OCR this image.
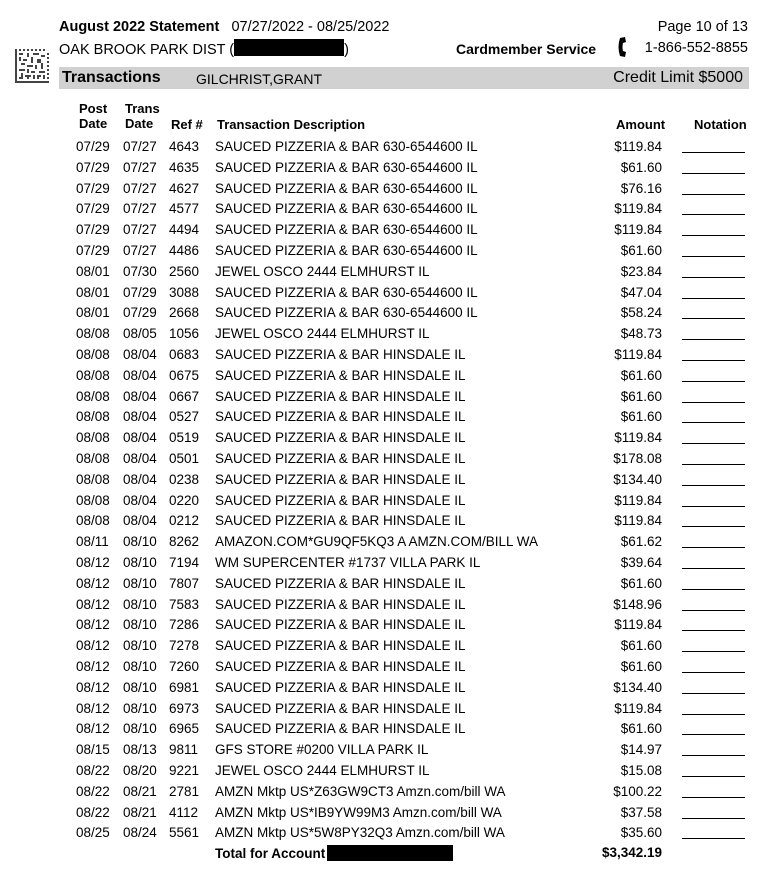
August 2022 Statement 07/27/2022 - 08/25/2022	Page 10 of 13
OAK BROOK PARK DIST (	)	Cardmember Service	1-866-552-8855
Transactions	GILCHRIST,GRANT	Credit Limit $5000
Post
Date
Trans
Date	Ref # Transaction Description	Amount Notation
07/29 07/27 4643 SAUCED PIZZERIA & BAR 630-6544600 IL	$119.84
07/29 07/27 4635 SAUCED PIZZERIA & BAR 630-6544600 IL	$61.60
07/29 07/27 4627 SAUCED PIZZERIA & BAR 630-6544600 IL	$76.16
07/29 07/27 4577 SAUCED PIZZERIA & BAR 630-6544600 IL	$119.84
07/29 07/27 4494 SAUCED PIZZERIA & BAR 630-6544600 IL	$119.84
07/29 07/27 4486 SAUCED PIZZERIA & BAR 630-6544600 IL	$61.60
08/01 07/30 2560 JEWEL OSCO 2444 ELMHURST IL	$23.84
08/01 07/29 3088 SAUCED PIZZERIA & BAR 630-6544600 IL	$47.04
08/01 07/29 2668 SAUCED PIZZERIA & BAR 630-6544600 IL	$58.24
08/08 08/05 1056 JEWEL OSCO 2444 ELMHURST IL	$48.73
08/08 08/04 0683 SAUCED PIZZERIA & BAR HINSDALE IL	$119.84
08/08 08/04 0675 SAUCED PIZZERIA & BAR HINSDALE IL	$61.60
08/08 08/04 0667 SAUCED PIZZERIA & BAR HINSDALE IL	$61.60
08/08 08/04 0527 SAUCED PIZZERIA & BAR HINSDALE IL	$61.60
08/08 08/04 0519 SAUCED PIZZERIA & BAR HINSDALE IL	$119.84
08/08 08/04 0501 SAUCED PIZZERIA & BAR HINSDALE IL	$178.08
08/08 08/04 0238 SAUCED PIZZERIA & BAR HINSDALE IL	$134.40
08/08 08/04 0220 SAUCED PIZZERIA & BAR HINSDALE IL	$119.84
08/08 08/04 0212 SAUCED PIZZERIA & BAR HINSDALE IL	$119.84
08/11 08/10 8262 AMAZON.COM*GU9QF5KQ3 A AMZN.COM/BILL WA	$61.62
08/12 08/10 7194 WM SUPERCENTER #1737 VILLA PARK IL	$39.64
08/12 08/10 7807 SAUCED PIZZERIA & BAR HINSDALE IL	$61.60
08/12 08/10 7583 SAUCED PIZZERIA & BAR HINSDALE IL	$148.96
08/12 08/10 7286 SAUCED PIZZERIA & BAR HINSDALE IL	$119.84
08/12 08/10 7278 SAUCED PIZZERIA & BAR HINSDALE IL	$61.60
08/12 08/10 7260 SAUCED PIZZERIA & BAR HINSDALE IL	$61.60
08/12 08/10 6981 SAUCED PIZZERIA & BAR HINSDALE IL	$134.40
08/12 08/10 6973 SAUCED PIZZERIA & BAR HINSDALE IL	$119.84
08/12 08/10 6965 SAUCED PIZZERIA & BAR HINSDALE IL	$61.60
08/15 08/13 9811 GFS STORE #0200 VILLA PARK IL	$14.97
08/22 08/20 9221 JEWEL OSCO 2444 ELMHURST IL	$15.08
08/22 08/21 2781 AMZN Mktp US*Z63GW9CT3 Amzn.com/bill WA	$100.22
08/22 08/21 4112 AMZN Mktp US*IB9YW99M3 Amzn.com/bill WA	$37.58
08/25 08/24 5561 AMZN Mktp US*5W8PY32Q3 Amzn.com/bill WA	$35.60
Total for Account	$3,342.19
